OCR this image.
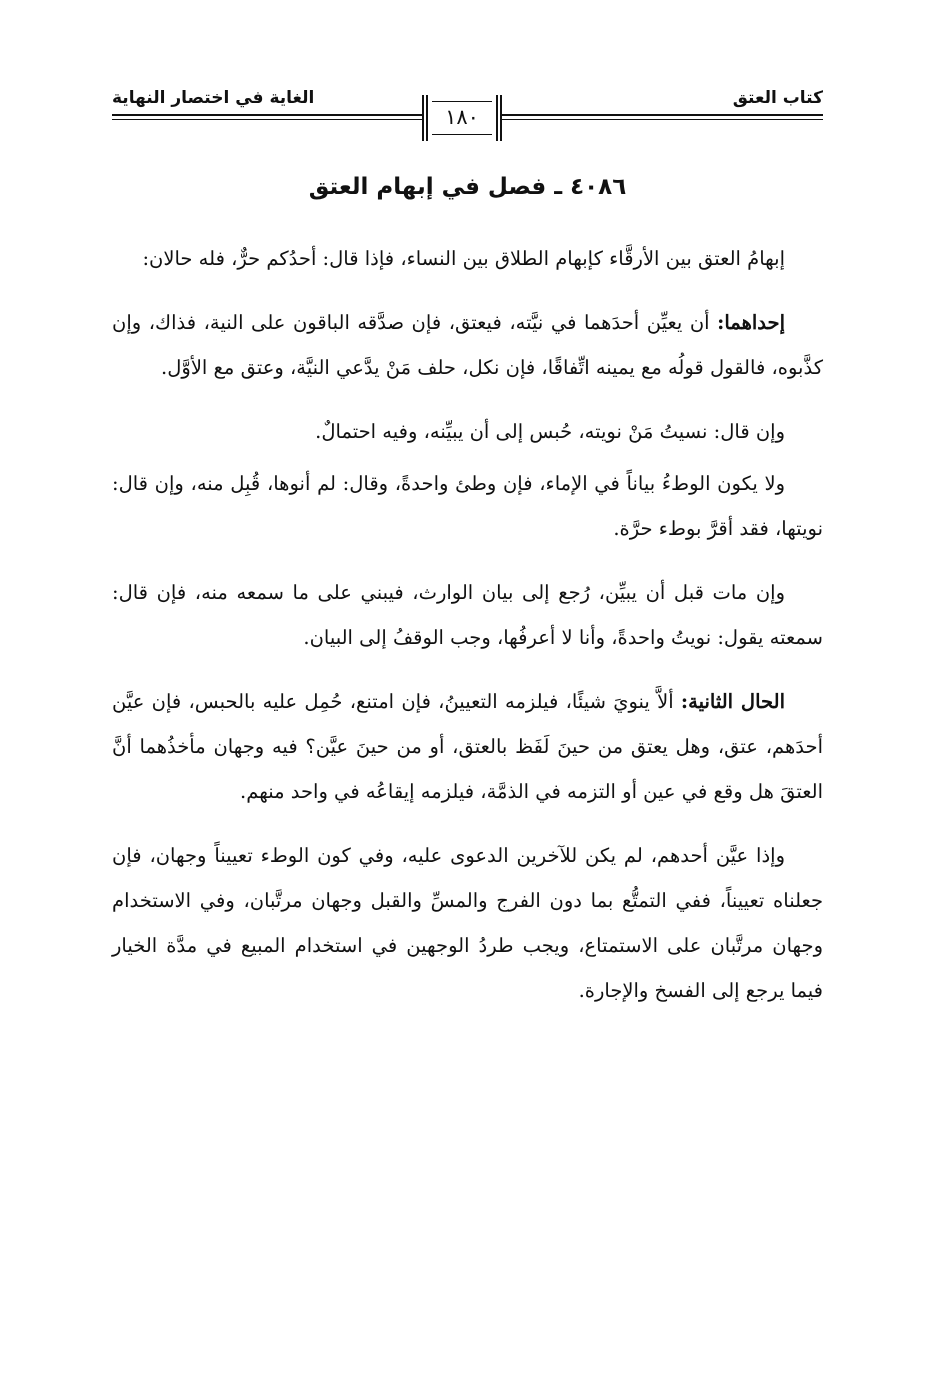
كتاب العتق
الغاية في اختصار النهاية
١٨٠
٤٠٨٦ ـ فصل في إبهام العتق

إبهامُ العتق بين الأرقَّاء كإبهام الطلاق بين النساء، فإذا قال: أحدُكم حرٌّ، فله حالان:

إحداهما: أن يعيِّن أحدَهما في نيَّته، فيعتق، فإن صدَّقه الباقون على النية، فذاك، وإن كذَّبوه، فالقول قولُه مع يمينه اتِّفاقًا، فإن نكل، حلف مَنْ يدَّعي النيَّة، وعتق مع الأوَّل.

وإن قال: نسيتُ مَنْ نويته، حُبس إلى أن يبيِّنه، وفيه احتمالٌ.

ولا يكون الوطءُ بياناً في الإماء، فإن وطئ واحدةً، وقال: لم أنوها، قُبِل منه، وإن قال: نويتها، فقد أقرَّ بوطء حرَّة.

وإن مات قبل أن يبيِّن، رُجع إلى بيان الوارث، فيبني على ما سمعه منه، فإن قال: سمعته يقول: نويتُ واحدةً، وأنا لا أعرفُها، وجب الوقفُ إلى البيان.

الحال الثانية: ألاَّ ينويَ شيئًا، فيلزمه التعيينُ، فإن امتنع، حُمِل عليه بالحبس، فإن عيَّن أحدَهم، عتق، وهل يعتق من حينَ لَفَظ بالعتق، أو من حينَ عيَّن؟ فيه وجهان مأخذُهما أنَّ العتقَ هل وقع في عين أو التزمه في الذمَّة، فيلزمه إيقاعُه في واحد منهم.

وإذا عيَّن أحدهم، لم يكن للآخرين الدعوى عليه، وفي كون الوطء تعييناً وجهان، فإن جعلناه تعييناً، ففي التمتُّع بما دون الفرج والمسِّ والقبل وجهان مرتَّبان، وفي الاستخدام وجهان مرتَّبان على الاستمتاع، ويجب طردُ الوجهين في استخدام المبيع في مدَّة الخيار فيما يرجع إلى الفسخ والإجارة.
